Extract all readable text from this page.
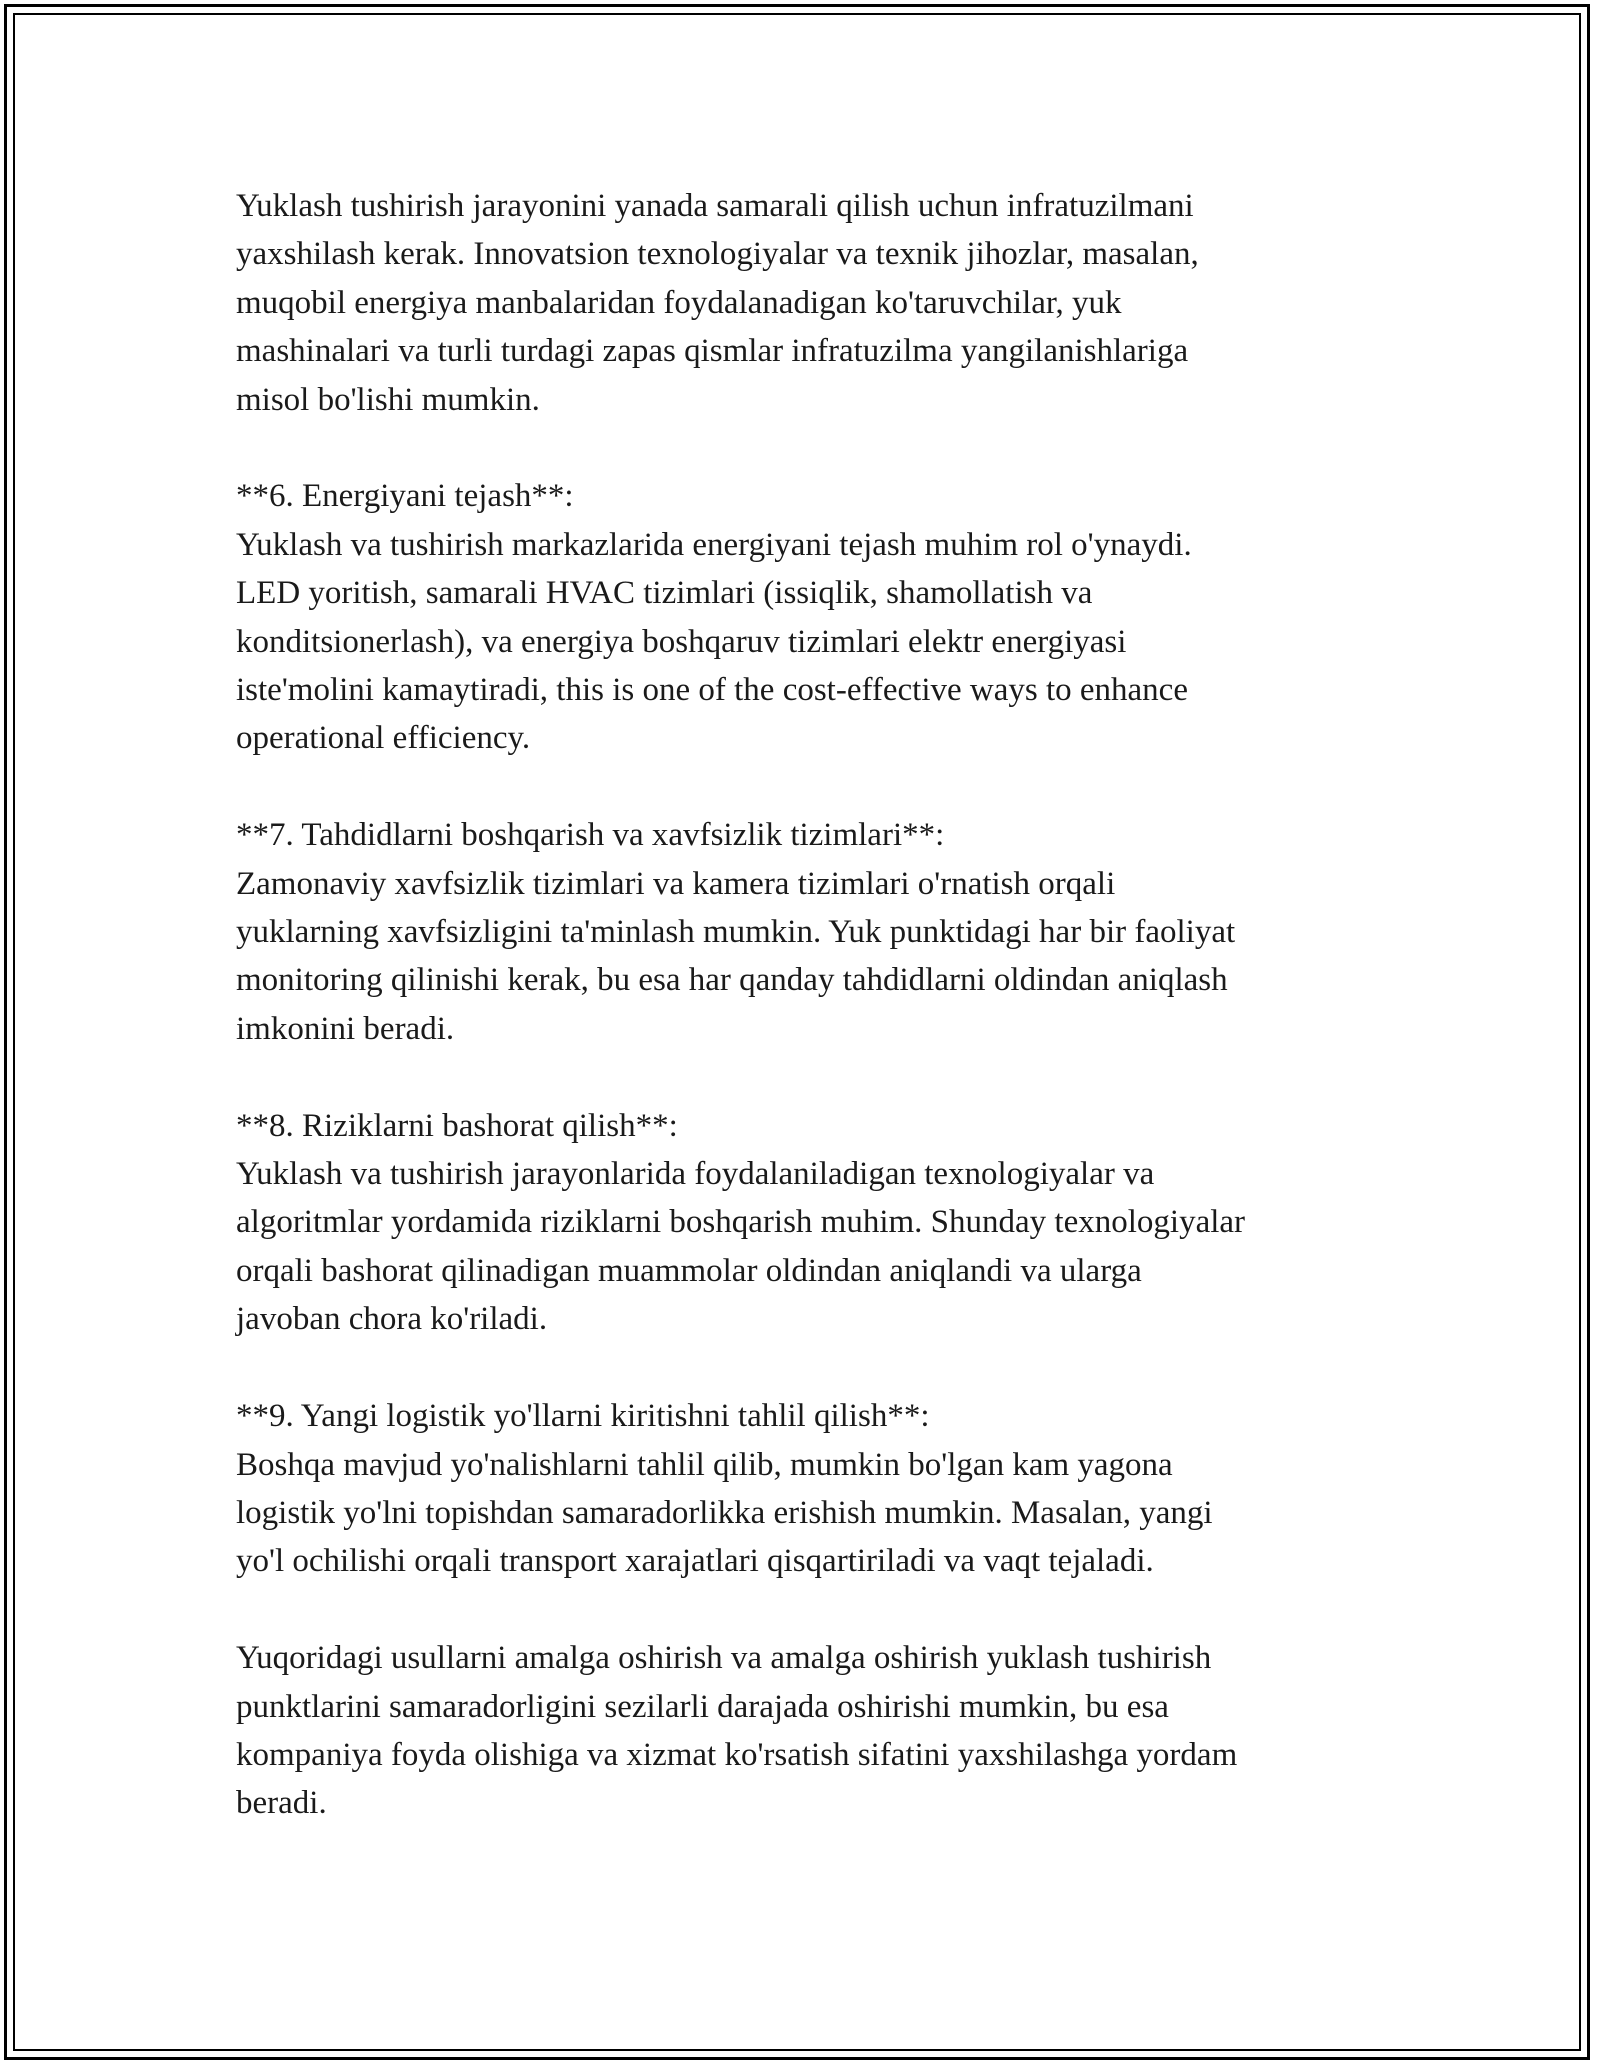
Yuklash tushirish jarayonini yanada samarali qilish uchun infratuzilmani
yaxshilash kerak. Innovatsion texnologiyalar va texnik jihozlar, masalan,
muqobil energiya manbalaridan foydalanadigan ko'taruvchilar, yuk
mashinalari va turli turdagi zapas qismlar infratuzilma yangilanishlariga
misol bo'lishi mumkin.
**6. Energiyani tejash**:
Yuklash va tushirish markazlarida energiyani tejash muhim rol o'ynaydi.
LED yoritish, samarali HVAC tizimlari (issiqlik, shamollatish va
konditsionerlash), va energiya boshqaruv tizimlari elektr energiyasi
iste'molini kamaytiradi, this is one of the cost-effective ways to enhance
operational efficiency.
**7. Tahdidlarni boshqarish va xavfsizlik tizimlari**:
Zamonaviy xavfsizlik tizimlari va kamera tizimlari o'rnatish orqali
yuklarning xavfsizligini ta'minlash mumkin. Yuk punktidagi har bir faoliyat
monitoring qilinishi kerak, bu esa har qanday tahdidlarni oldindan aniqlash
imkonini beradi.
**8. Riziklarni bashorat qilish**:
Yuklash va tushirish jarayonlarida foydalaniladigan texnologiyalar va
algoritmlar yordamida riziklarni boshqarish muhim. Shunday texnologiyalar
orqali bashorat qilinadigan muammolar oldindan aniqlandi va ularga
javoban chora ko'riladi.
**9. Yangi logistik yo'llarni kiritishni tahlil qilish**:
Boshqa mavjud yo'nalishlarni tahlil qilib, mumkin bo'lgan kam yagona
logistik yo'lni topishdan samaradorlikka erishish mumkin. Masalan, yangi
yo'l ochilishi orqali transport xarajatlari qisqartiriladi va vaqt tejaladi.
Yuqoridagi usullarni amalga oshirish va amalga oshirish yuklash tushirish
punktlarini samaradorligini sezilarli darajada oshirishi mumkin, bu esa
kompaniya foyda olishiga va xizmat ko'rsatish sifatini yaxshilashga yordam
beradi.
